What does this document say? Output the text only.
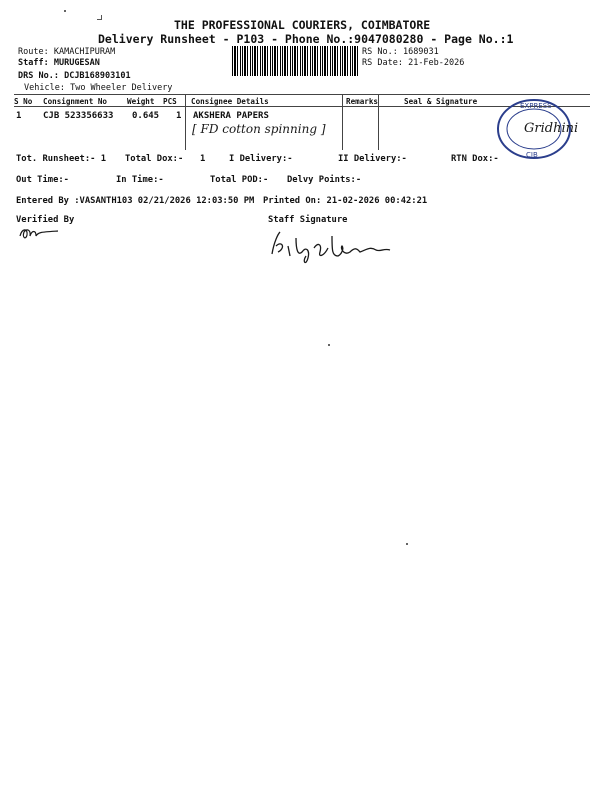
THE PROFESSIONAL COURIERS, COIMBATORE
Delivery Runsheet - P103 - Phone No.:9047080280 - Page No.:1
Route: KAMACHIPURAM
Staff: MURUGESAN
DRS No.: DCJB168903101
Vehicle: Two Wheeler Delivery
RS No.: 1689031
RS Date: 21-Feb-2026
S No Consignment No	Weight PCS Consignee Details	Remarks	Seal & Signature
1 CJB 523356633 0.645 1 AKSHERA PAPERS
[ FD cotton spinning ]
EXPRESS
CJB
Gridhini
Tot. Runsheet:- 1 Total Dox:- 1	I Delivery:-	II Delivery:-	RTN Dox:-
Out Time:-	In Time:-	Total POD:- Delvy Points:-
Entered By :VASANTH103 02/21/2026 12:03:50 PM Printed On: 21-02-2026 00:42:21
Verified By	Staff Signature
